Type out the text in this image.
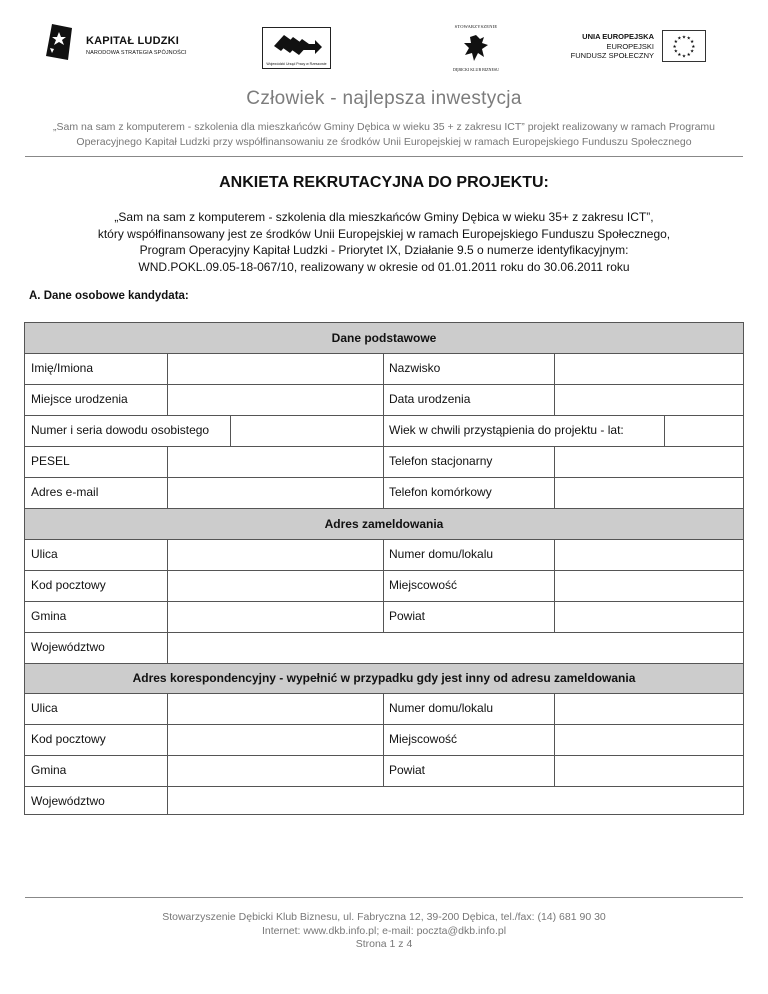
KAPITAŁ LUDZKI
NARODOWA STRATEGIA SPÓJNOŚCI
Wojewódzki Urząd Pracy w Rzeszowie
STOWARZYSZENIE
DĘBICKI KLUB BIZNESU
UNIA EUROPEJSKA
EUROPEJSKI
FUNDUSZ SPOŁECZNY
★ ★
★
★
★
★
★
★
★
★
★
★
Człowiek - najlepsza inwestycja
„Sam na sam z komputerem - szkolenia dla mieszkańców Gminy Dębica w wieku 35 + z zakresu ICT” projekt realizowany w ramach Programu
Operacyjnego Kapitał Ludzki przy współfinansowaniu ze środków Unii Europejskiej w ramach Europejskiego Funduszu Społecznego
ANKIETA REKRUTACYJNA DO PROJEKTU:
„Sam na sam z komputerem - szkolenia dla mieszkańców Gminy Dębica w wieku 35+ z zakresu ICT”,
który współfinansowany jest ze środków Unii Europejskiej w ramach Europejskiego Funduszu Społecznego,
Program Operacyjny Kapitał Ludzki - Priorytet IX, Działanie 9.5 o numerze identyfikacyjnym:
WND.POKL.09.05-18-067/10, realizowany w okresie od 01.01.2011 roku do 30.06.2011 roku
A. Dane osobowe kandydata:
Dane podstawowe
Imię/Imiona	Nazwisko
Miejsce urodzenia	Data urodzenia
Numer i seria dowodu osobistego	Wiek w chwili przystąpienia do projektu - lat:
PESEL	Telefon stacjonarny
Adres e-mail	Telefon komórkowy
Adres zameldowania
Ulica	Numer domu/lokalu
Kod pocztowy	Miejscowość
Gmina	Powiat
Województwo
Adres korespondencyjny - wypełnić w przypadku gdy jest inny od adresu zameldowania
Ulica	Numer domu/lokalu
Kod pocztowy	Miejscowość
Gmina	Powiat
Województwo
Stowarzyszenie Dębicki Klub Biznesu, ul. Fabryczna 12, 39-200 Dębica, tel./fax: (14) 681 90 30
Internet: www.dkb.info.pl; e-mail: poczta@dkb.info.pl
Strona 1 z 4
